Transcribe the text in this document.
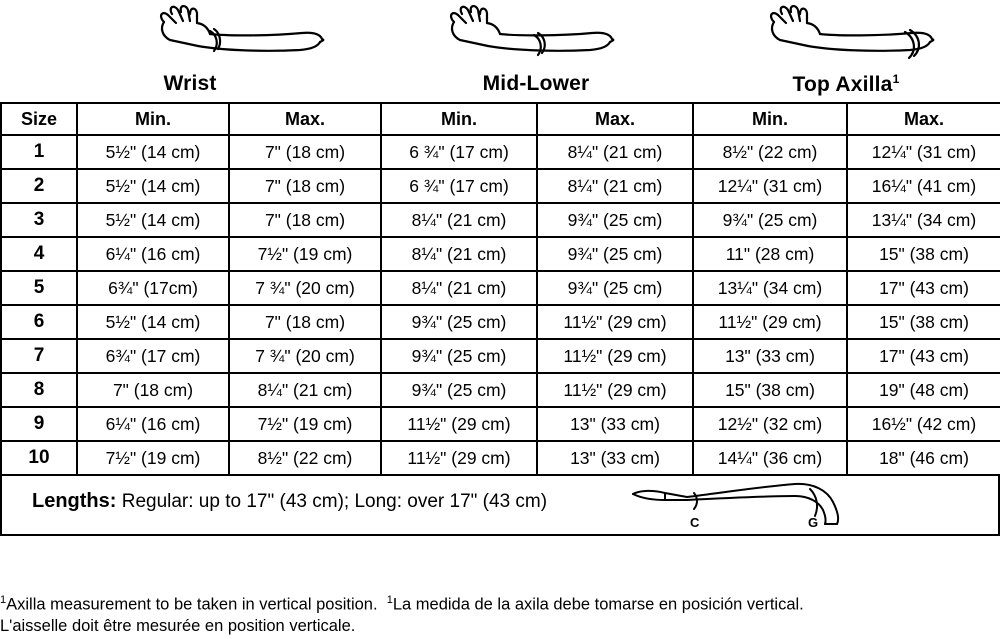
Wrist	Mid-Lower	Top Axilla$^1$
Size	Min.	Max.	Min.	Max.	Min.	Max.
1	5½" (14 cm)	7" (18 cm)	6 ¾" (17 cm)	8¼" (21 cm)	8½" (22 cm)	12¼" (31 cm)
2	5½" (14 cm)	7" (18 cm)	6 ¾" (17 cm)	8¼" (21 cm)	12¼" (31 cm)	16¼" (41 cm)
3	5½" (14 cm)	7" (18 cm)	8¼" (21 cm)	9¾" (25 cm)	9¾" (25 cm)	13¼" (34 cm)
4	6¼" (16 cm)	7½" (19 cm)	8¼" (21 cm)	9¾" (25 cm)	11" (28 cm)	15" (38 cm)
5	6¾" (17cm)	7 ¾" (20 cm)	8¼" (21 cm)	9¾" (25 cm)	13¼" (34 cm)	17" (43 cm)
6	5½" (14 cm)	7" (18 cm)	9¾" (25 cm)	11½" (29 cm)	11½" (29 cm)	15" (38 cm)
7	6¾" (17 cm)	7 ¾" (20 cm)	9¾" (25 cm)	11½" (29 cm)	13" (33 cm)	17" (43 cm)
8	7" (18 cm)	8¼" (21 cm)	9¾" (25 cm)	11½" (29 cm)	15" (38 cm)	19" (48 cm)
9	6¼" (16 cm)	7½" (19 cm)	11½" (29 cm)	13" (33 cm)	12½" (32 cm)	16½" (42 cm)
10	7½" (19 cm)	8½" (22 cm)	11½" (29 cm)	13" (33 cm)	14¼" (36 cm)	18" (46 cm)
Lengths: Regular: up to 17" (43 cm); Long: over 17" (43 cm)
C	G
$^1$Axilla measurement to be taken in vertical position. $^1$La medida de la axila debe tomarse en posición vertical.
L'aisselle doit être mesurée en position verticale.
